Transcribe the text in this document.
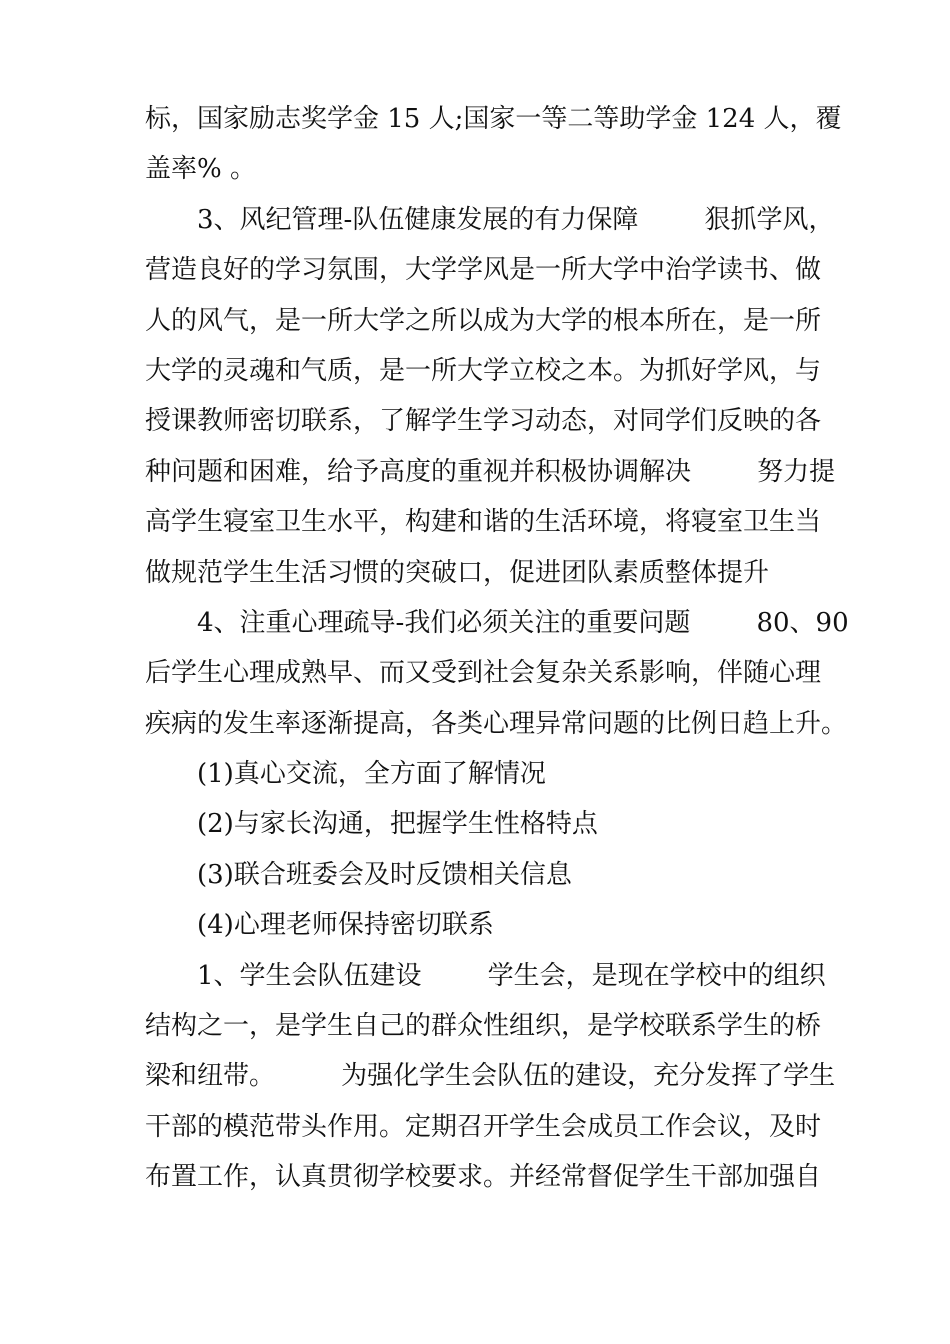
标，国家励志奖学金 15 人;国家一等二等助学金 124 人，覆
盖率% 。
3、风纪管理-队伍健康发展的有力保障        狠抓学风，
营造良好的学习氛围，大学学风是一所大学中治学读书、做
人的风气，是一所大学之所以成为大学的根本所在，是一所
大学的灵魂和气质，是一所大学立校之本。为抓好学风，与
授课教师密切联系，了解学生学习动态，对同学们反映的各
种问题和困难，给予高度的重视并积极协调解决        努力提
高学生寝室卫生水平，构建和谐的生活环境，将寝室卫生当
做规范学生生活习惯的突破口，促进团队素质整体提升
4、注重心理疏导-我们必须关注的重要问题        80、90
后学生心理成熟早、而又受到社会复杂关系影响，伴随心理
疾病的发生率逐渐提高，各类心理异常问题的比例日趋上升。
(1)真心交流，全方面了解情况
(2)与家长沟通，把握学生性格特点
(3)联合班委会及时反馈相关信息
(4)心理老师保持密切联系
1、学生会队伍建设        学生会，是现在学校中的组织
结构之一，是学生自己的群众性组织，是学校联系学生的桥
梁和纽带。        为强化学生会队伍的建设，充分发挥了学生
干部的模范带头作用。定期召开学生会成员工作会议，及时
布置工作，认真贯彻学校要求。并经常督促学生干部加强自
